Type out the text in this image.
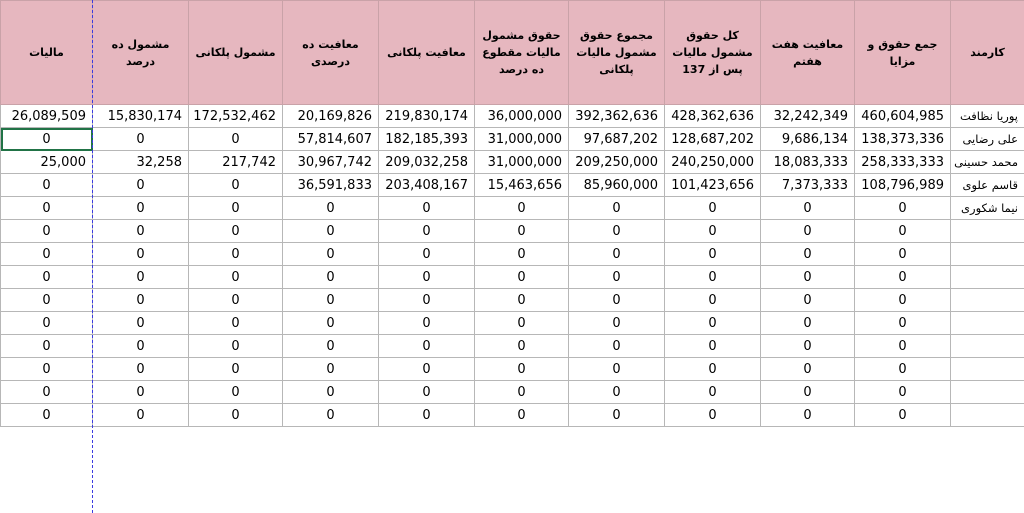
مالیات	مشمول ده درصد	مشمول پلکانی	معافیت ده درصدی	معافیت پلکانی	حقوق مشمول مالیات مقطوع ده درصد	مجموع حقوق مشمول مالیات پلکانی	کل حقوق مشمول مالیات پس از 137	معافیت هفت هفتم	جمع حقوق و مزایا	کارمند
26,089,509	15,830,174	172,532,462	20,169,826	219,830,174	36,000,000	392,362,636	428,362,636	32,242,349	460,604,985	پوریا نظافت
0	0	0	57,814,607	182,185,393	31,000,000	97,687,202	128,687,202	9,686,134	138,373,336	علی رضایی
25,000	32,258	217,742	30,967,742	209,032,258	31,000,000	209,250,000	240,250,000	18,083,333	258,333,333	محمد حسینی
0	0	0	36,591,833	203,408,167	15,463,656	85,960,000	101,423,656	7,373,333	108,796,989	قاسم علوی
0	0	0	0	0	0	0	0	0	0	نیما شکوری
0	0	0	0	0	0	0	0	0	0	
0	0	0	0	0	0	0	0	0	0	
0	0	0	0	0	0	0	0	0	0	
0	0	0	0	0	0	0	0	0	0	
0	0	0	0	0	0	0	0	0	0	
0	0	0	0	0	0	0	0	0	0	
0	0	0	0	0	0	0	0	0	0	
0	0	0	0	0	0	0	0	0	0	
0	0	0	0	0	0	0	0	0	0	
